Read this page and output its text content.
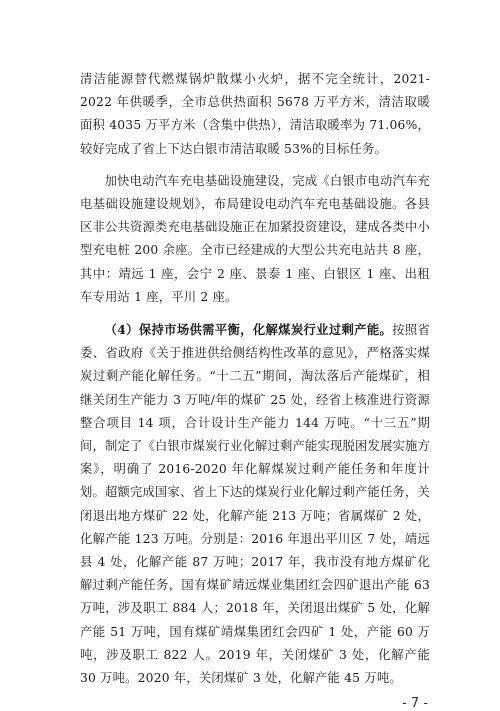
清洁能源替代燃煤锅炉散煤小火炉，据不完全统计，2021-2022 年供暖季，全市总供热面积 5678 万平方米，清洁取暖面积 4035 万平方米（含集中供热），清洁取暖率为 71.06%，较好完成了省上下达白银市清洁取暖 53%的目标任务。

加快电动汽车充电基础设施建设，完成《白银市电动汽车充电基础设施建设规划》，布局建设电动汽车充电基础设施。各县区非公共资源类充电基础设施正在加紧投资建设，建成各类中小型充电桩 200 余座。全市已经建成的大型公共充电站共 8 座，其中：靖远 1 座，会宁 2 座、景泰 1 座、白银区 1 座、出租车专用站 1 座，平川 2 座。

（4）保持市场供需平衡，化解煤炭行业过剩产能。按照省委、省政府《关于推进供给侧结构性改革的意见》，严格落实煤炭过剩产能化解任务。“十二五”期间，淘汰落后产能煤矿，相继关闭生产能力 3 万吨/年的煤矿 25 处，经省上核准进行资源整合项目 14 项，合计设计生产能力 144 万吨。“十三五”期间，制定了《白银市煤炭行业化解过剩产能实现脱困发展实施方案》，明确了 2016-2020 年化解煤炭过剩产能任务和年度计划。超额完成国家、省上下达的煤炭行业化解过剩产能任务，关闭退出地方煤矿 22 处，化解产能 213 万吨；省属煤矿 2 处，化解产能 123 万吨。分别是：2016 年退出平川区 7 处，靖远县 4 处，化解产能 87 万吨；2017 年，我市没有地方煤矿化解过剩产能任务，国有煤矿靖远煤业集团红会四矿退出产能 63 万吨，涉及职工 884 人；2018 年，关闭退出煤矿 5 处，化解产能 51 万吨，国有煤矿靖煤集团红会四矿 1 处，产能 60 万吨，涉及职工 822 人。2019 年，关闭煤矿 3 处，化解产能 30 万吨。2020 年，关闭煤矿 3 处，化解产能 45 万吨。

- 7 -
